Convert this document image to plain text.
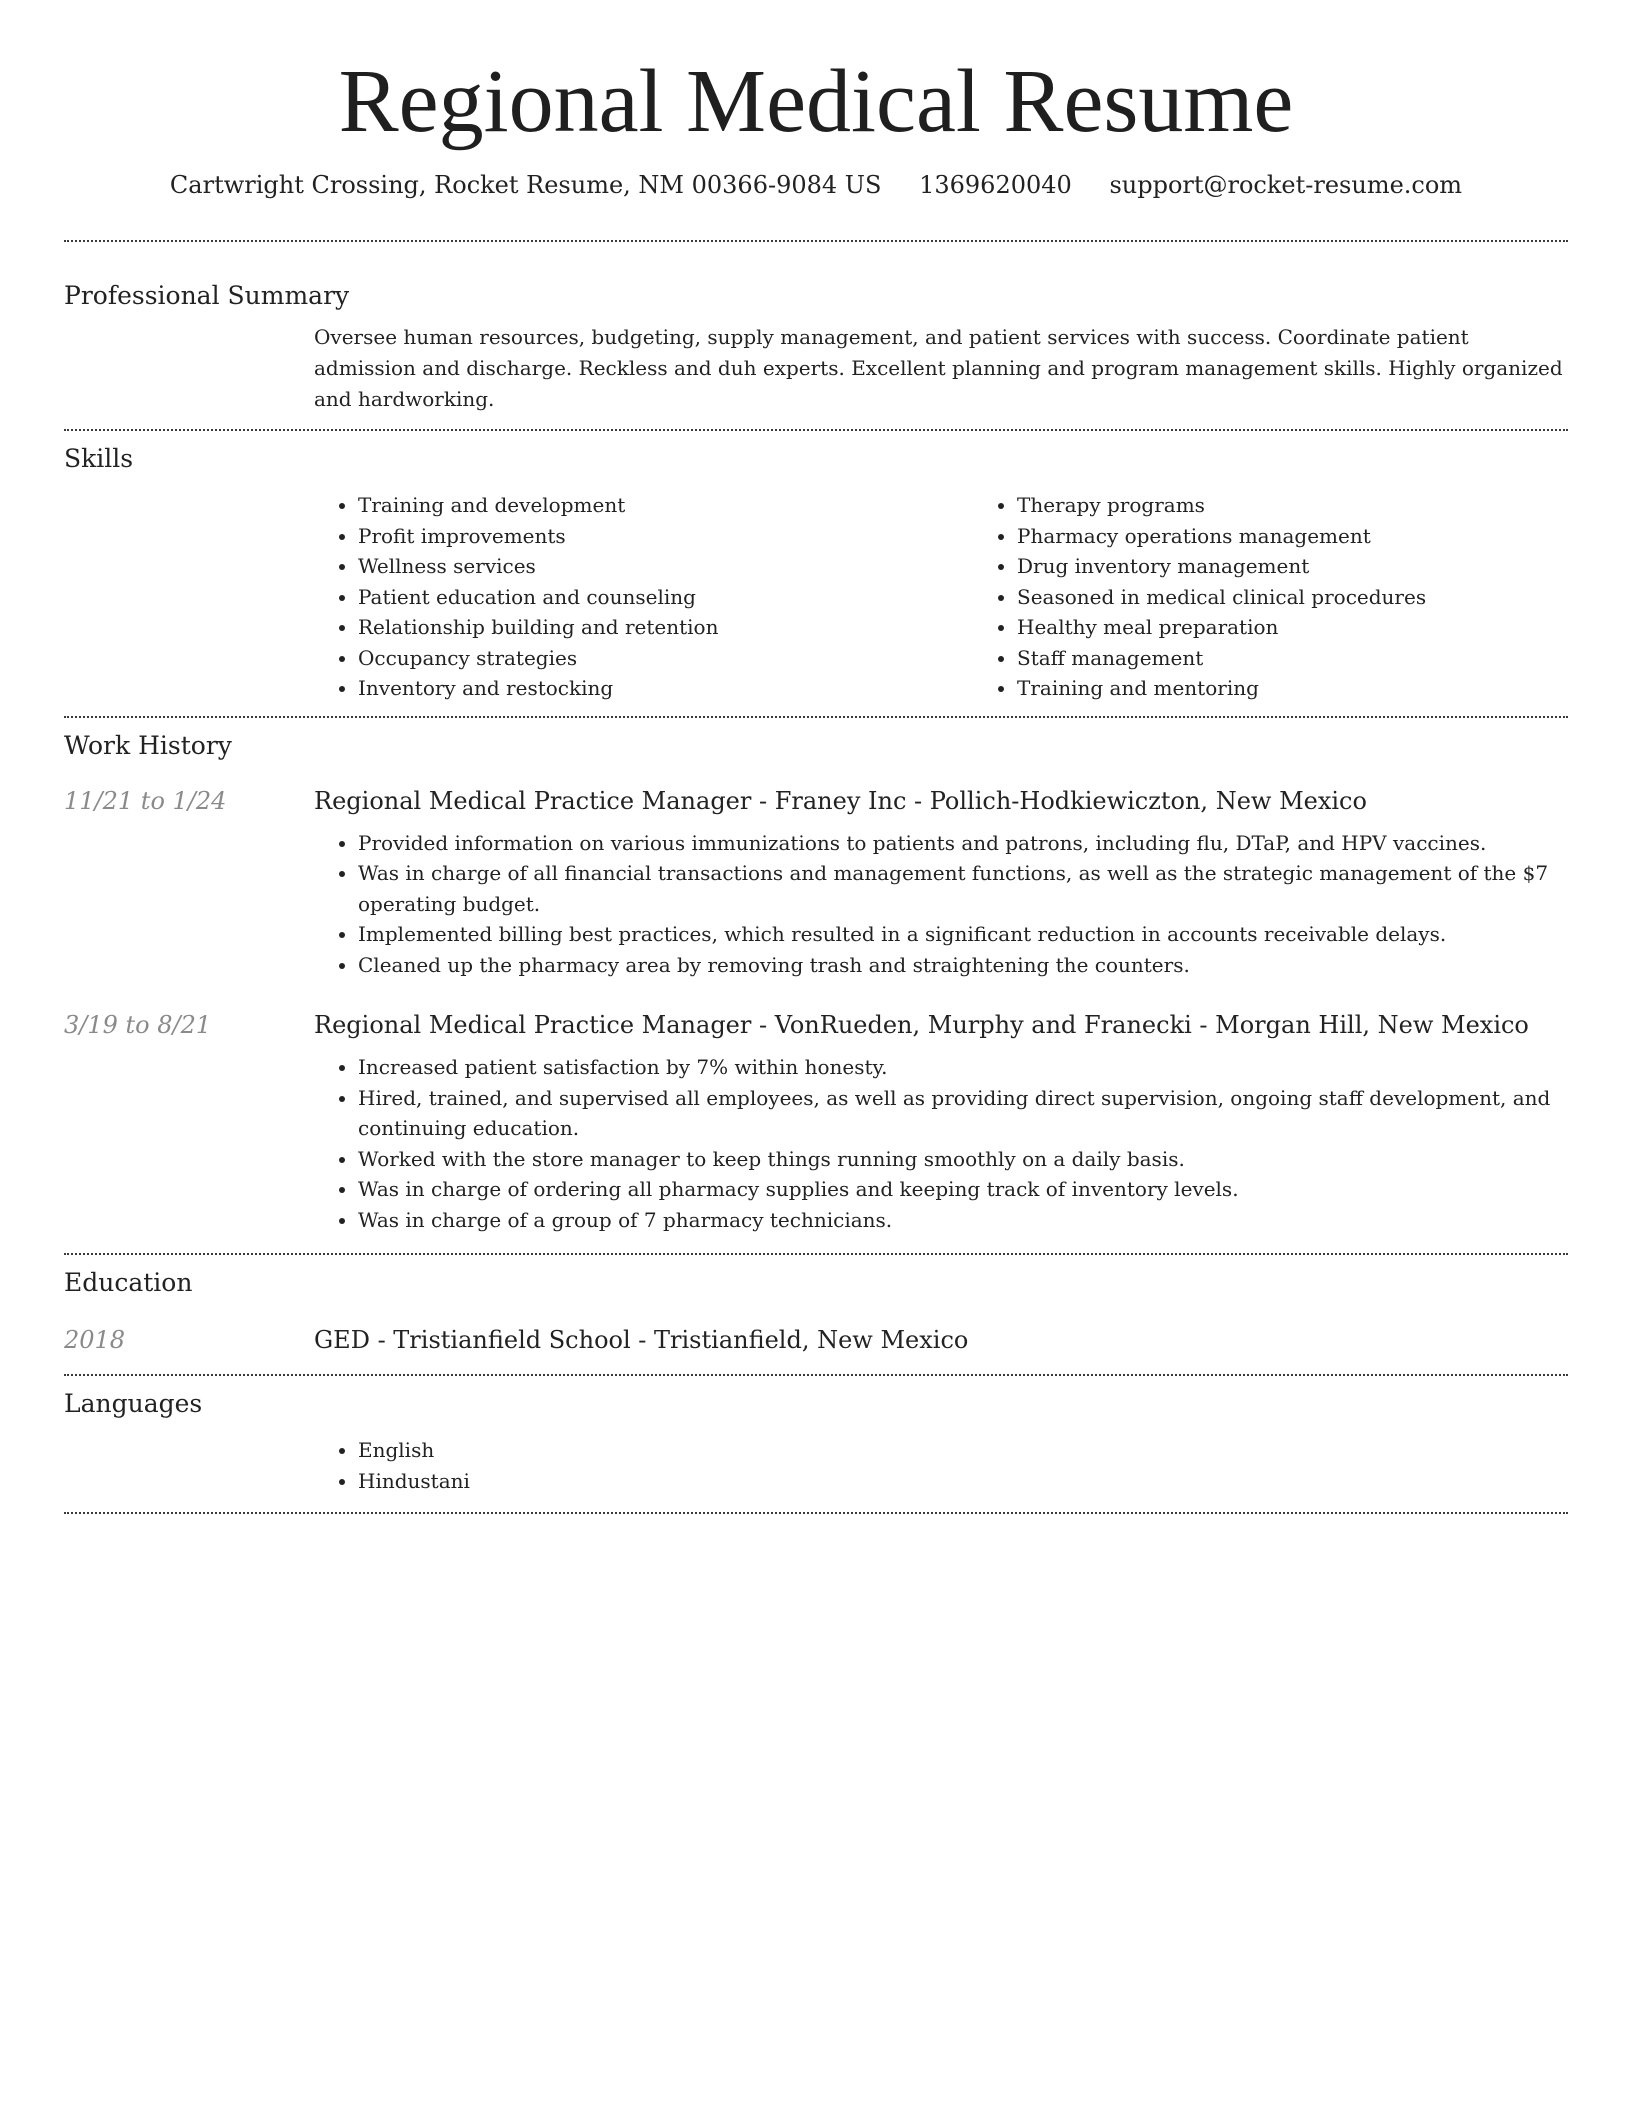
Regional Medical Resume
Cartwright Crossing, Rocket Resume, NM 00366-9084 US 1369620040 support@rocket-resume.com
Professional Summary
Oversee human resources, budgeting, supply management, and patient services with success. Coordinate patient admission and discharge. Reckless and duh experts. Excellent planning and program management skills. Highly organized and hardworking.
Skills
• Training and development
• Profit improvements
• Wellness services
• Patient education and counseling
• Relationship building and retention
• Occupancy strategies
• Inventory and restocking
• Therapy programs
• Pharmacy operations management
• Drug inventory management
• Seasoned in medical clinical procedures
• Healthy meal preparation
• Staff management
• Training and mentoring
Work History
11/21 to 1/24	Regional Medical Practice Manager - Franey Inc - Pollich-Hodkiewiczton, New Mexico
• Provided information on various immunizations to patients and patrons, including flu, DTaP, and HPV vaccines.
• Was in charge of all financial transactions and management functions, as well as the strategic management of the $7 operating budget.
• Implemented billing best practices, which resulted in a significant reduction in accounts receivable delays.
• Cleaned up the pharmacy area by removing trash and straightening the counters.
3/19 to 8/21	Regional Medical Practice Manager - VonRueden, Murphy and Franecki - Morgan Hill, New Mexico
• Increased patient satisfaction by 7% within honesty.
• Hired, trained, and supervised all employees, as well as providing direct supervision, ongoing staff development, and continuing education.
• Worked with the store manager to keep things running smoothly on a daily basis.
• Was in charge of ordering all pharmacy supplies and keeping track of inventory levels.
• Was in charge of a group of 7 pharmacy technicians.
Education
2018	GED - Tristianfield School - Tristianfield, New Mexico
Languages
• English
• Hindustani
